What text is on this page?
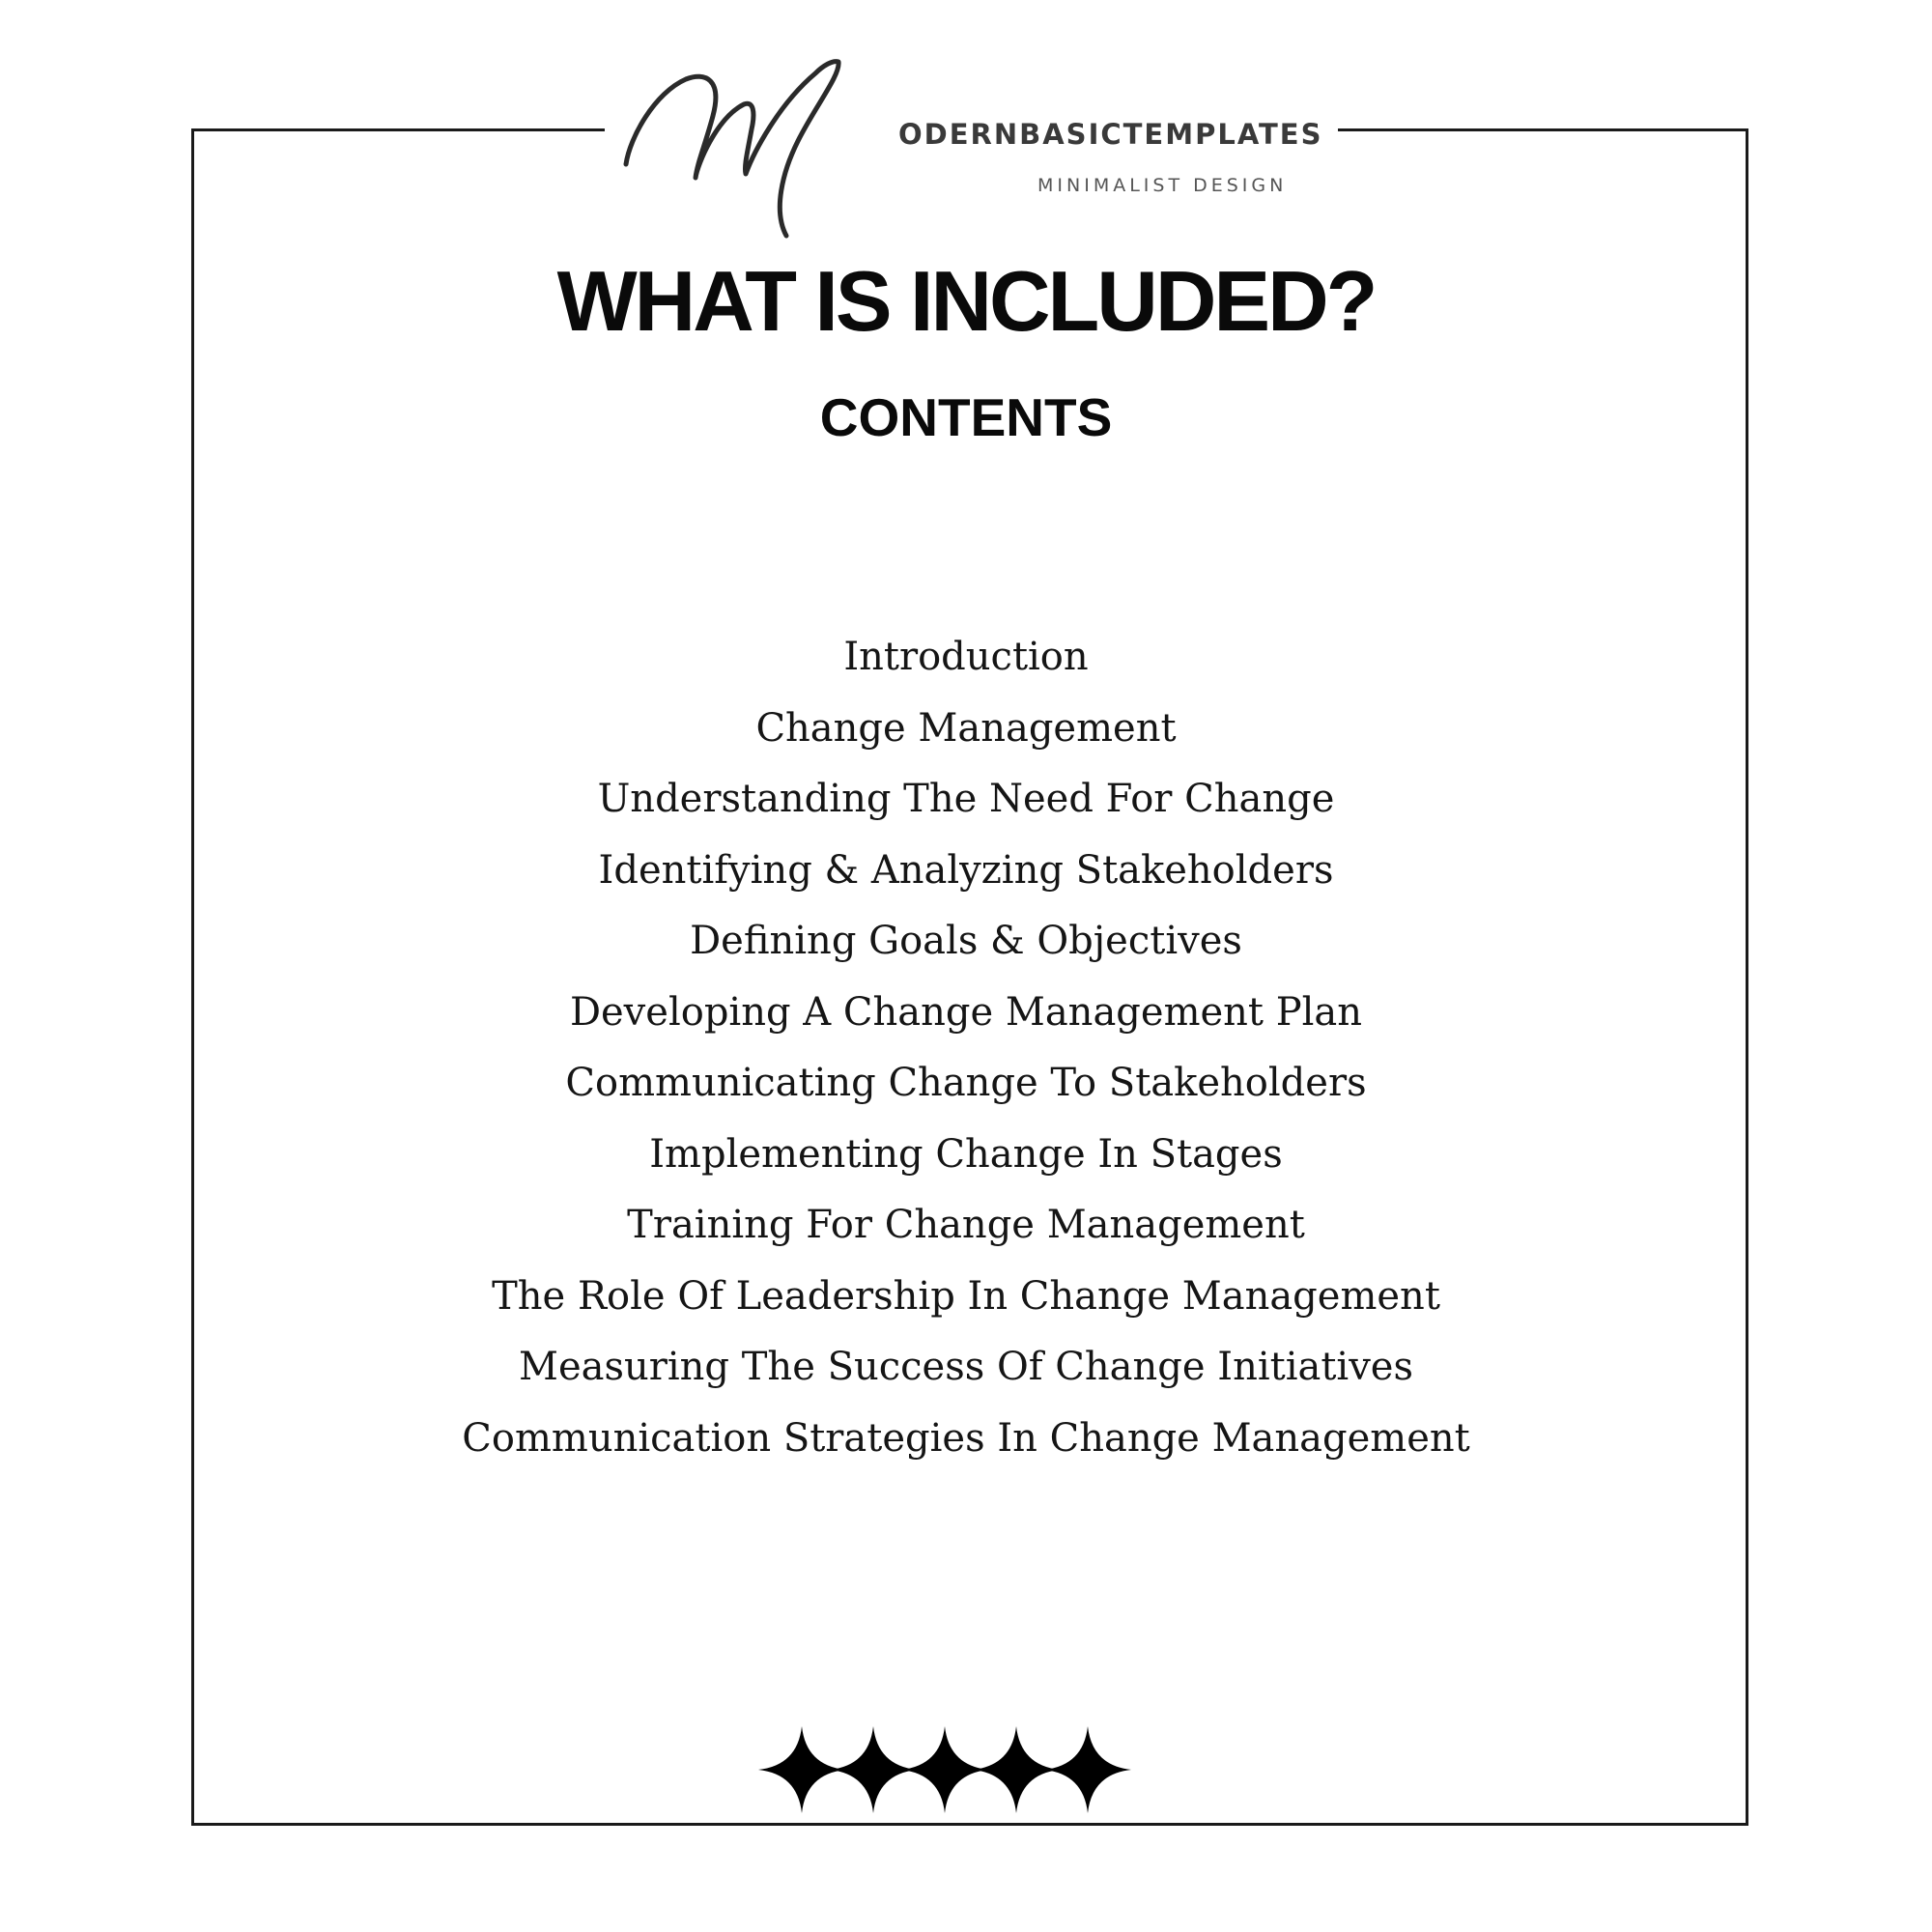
ODERNBASICTEMPLATES
MINIMALIST DESIGN
WHAT IS INCLUDED?
CONTENTS
Introduction
Change Management
Understanding The Need For Change
Identifying & Analyzing Stakeholders
Defining Goals & Objectives
Developing A Change Management Plan
Communicating Change To Stakeholders
Implementing Change In Stages
Training For Change Management
The Role Of Leadership In Change Management
Measuring The Success Of Change Initiatives
Communication Strategies In Change Management
